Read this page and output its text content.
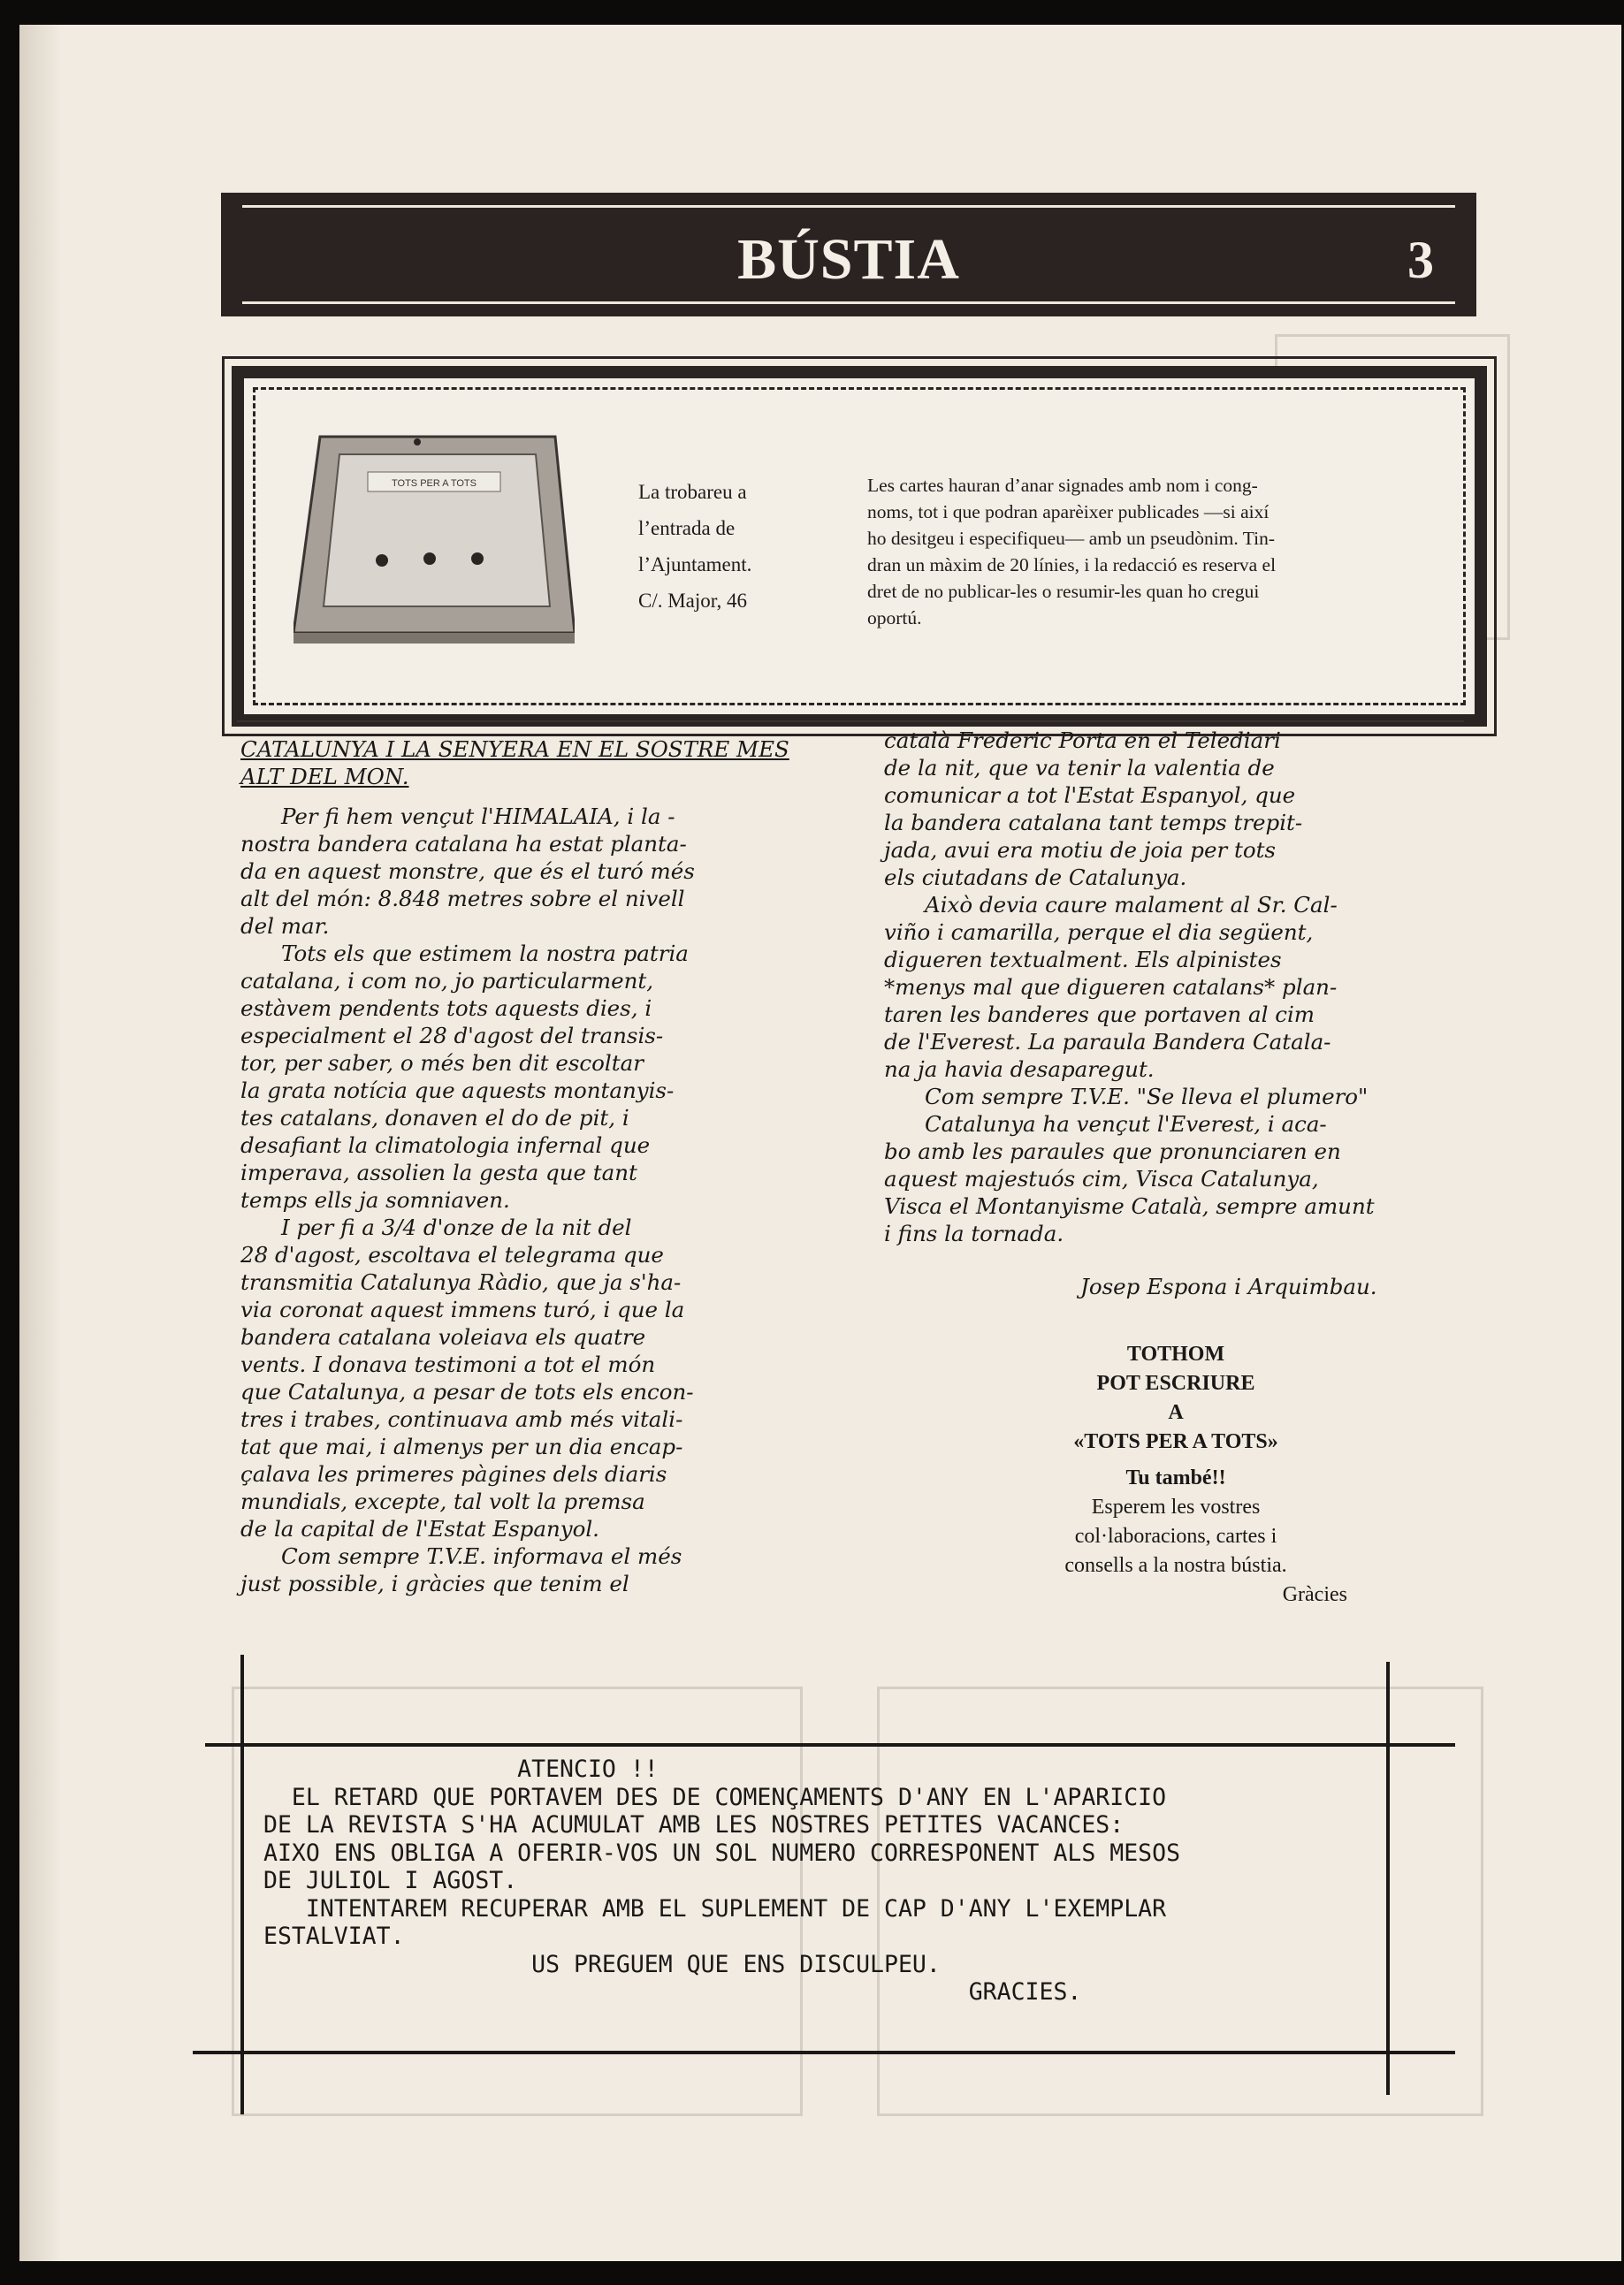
BÚSTIA	3
TOTS PER A TOTS	La trobareu a
l’entrada de
l’Ajuntament.
C/. Major, 46
Les cartes hauran d’anar signades amb nom i cong-
noms, tot i que podran aparèixer publicades —si així
ho desitgeu i especifiqueu— amb un pseudònim. Tin-
dran un màxim de 20 línies, i la redacció es reserva el
dret de no publicar-les o resumir-les quan ho cregui
oportú.
CATALUNYA I LA SENYERA EN EL SOSTRE MES
ALT DEL MON.
Per fi hem vençut l'HIMALAIA, i la -
nostra bandera catalana ha estat planta-
da en aquest monstre, que és el turó més
alt del món: 8.848 metres sobre el nivell
del mar.
Tots els que estimem la nostra patria
catalana, i com no, jo particularment,
estàvem pendents tots aquests dies, i
especialment el 28 d'agost del transis-
tor, per saber, o més ben dit escoltar
la grata notícia que aquests montanyis-
tes catalans, donaven el do de pit, i
desafiant la climatologia infernal que
imperava, assolien la gesta que tant
temps ells ja somniaven.
I per fi a 3/4 d'onze de la nit del
28 d'agost, escoltava el telegrama que
transmitia Catalunya Ràdio, que ja s'ha-
via coronat aquest immens turó, i que la
bandera catalana voleiava els quatre
vents. I donava testimoni a tot el món
que Catalunya, a pesar de tots els encon-
tres i trabes, continuava amb més vitali-
tat que mai, i almenys per un dia encap-
çalava les primeres pàgines dels diaris
mundials, excepte, tal volt la premsa
de la capital de l'Estat Espanyol.
Com sempre T.V.E. informava el més
just possible, i gràcies que tenim el
català Frederic Porta en el Telediari
de la nit, que va tenir la valentia de
comunicar a tot l'Estat Espanyol, que
la bandera catalana tant temps trepit-
jada, avui era motiu de joia per tots
els ciutadans de Catalunya.
Això devia caure malament al Sr. Cal-
viño i camarilla, perque el dia següent,
digueren textualment. Els alpinistes
*menys mal que digueren catalans* plan-
taren les banderes que portaven al cim
de l'Everest. La paraula Bandera Catala-
na ja havia desaparegut.
Com sempre T.V.E. "Se lleva el plumero"
Catalunya ha vençut l'Everest, i aca-
bo amb les paraules que pronunciaren en
aquest majestuós cim, Visca Catalunya,
Visca el Montanyisme Català, sempre amunt
i fins la tornada.
Josep Espona i Arquimbau.
TOTHOM
POT ESCRIURE
A
«TOTS PER A TOTS»
Tu també!!
Esperem les vostres
col·laboracions, cartes i
consells a la nostra bústia.
Gràcies
ATENCIO !!
EL RETARD QUE PORTAVEM DES DE COMENÇAMENTS D'ANY EN L'APARICIO
DE LA REVISTA S'HA ACUMULAT AMB LES NOSTRES PETITES VACANCES:
AIXO ENS OBLIGA A OFERIR-VOS UN SOL NUMERO CORRESPONENT ALS MESOS
DE JULIOL I AGOST.
INTENTAREM RECUPERAR AMB EL SUPLEMENT DE CAP D'ANY L'EXEMPLAR
ESTALVIAT.
US PREGUEM QUE ENS DISCULPEU.
GRACIES.
